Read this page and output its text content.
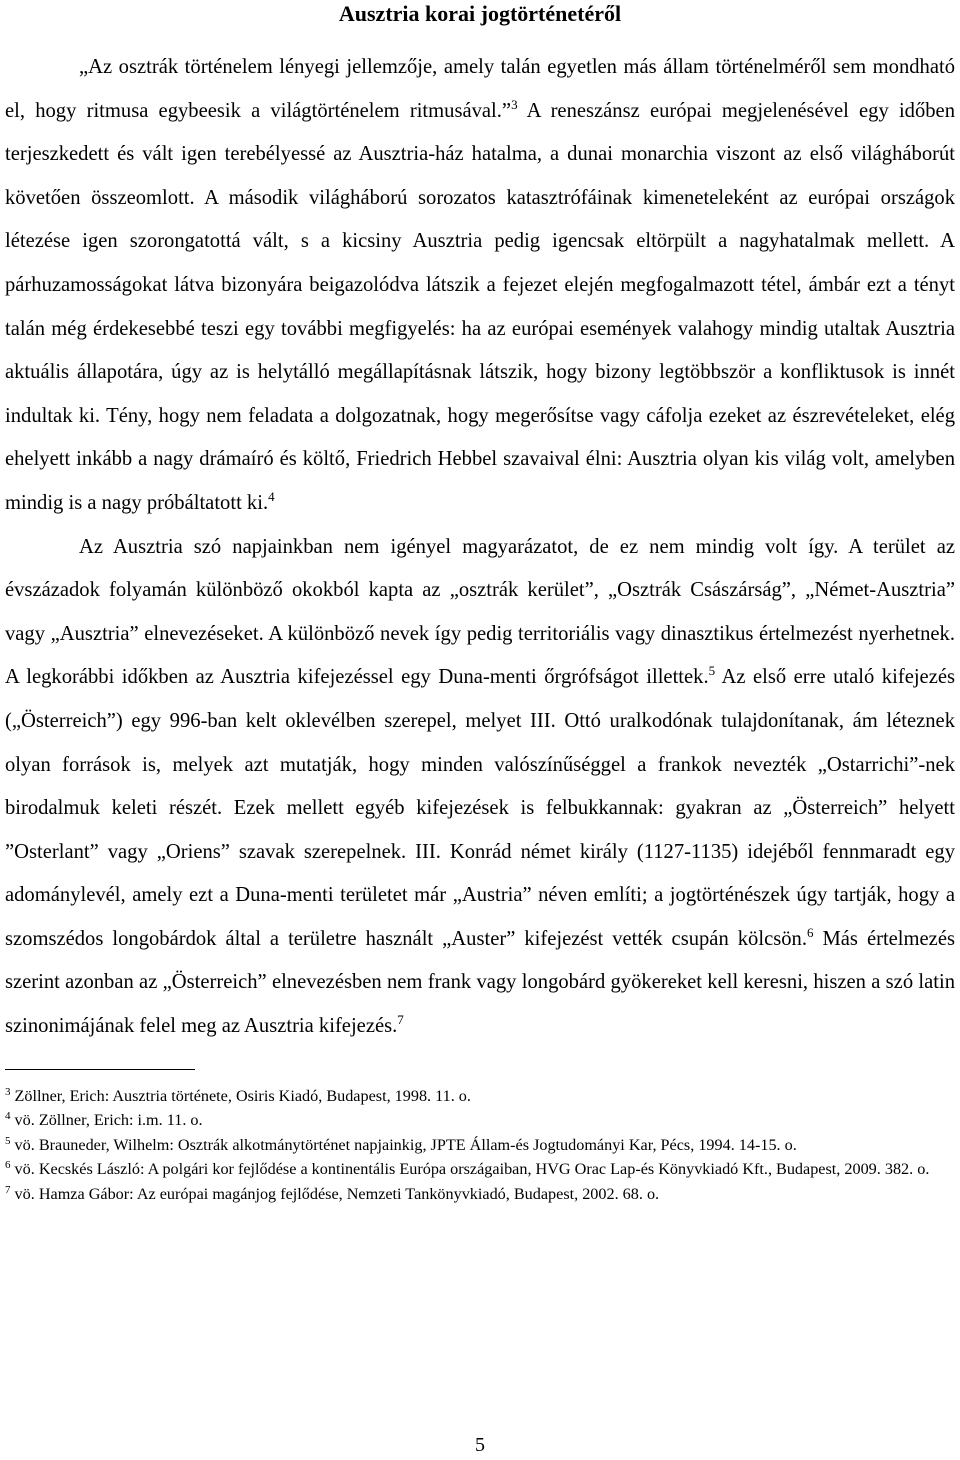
Ausztria korai jogtörténetéről

„Az osztrák történelem lényegi jellemzője, amely talán egyetlen más állam történelméről sem mondható el, hogy ritmusa egybeesik a világtörténelem ritmusával.”$^3$ A reneszánsz európai megjelenésével egy időben terjeszkedett és vált igen terebélyessé az Ausztria-ház hatalma, a dunai monarchia viszont az első világháborút követően összeomlott. A második világháború sorozatos katasztrófáinak kimeneteleként az európai országok létezése igen szorongatottá vált, s a kicsiny Ausztria pedig igencsak eltörpült a nagyhatalmak mellett. A párhuzamosságokat látva bizonyára beigazolódva látszik a fejezet elején megfogalmazott tétel, ámbár ezt a tényt talán még érdekesebbé teszi egy további megfigyelés: ha az európai események valahogy mindig utaltak Ausztria aktuális állapotára, úgy az is helytálló megállapításnak látszik, hogy bizony legtöbbször a konfliktusok is innét indultak ki. Tény, hogy nem feladata a dolgozatnak, hogy megerősítse vagy cáfolja ezeket az észrevételeket, elég ehelyett inkább a nagy drámaíró és költő, Friedrich Hebbel szavaival élni: Ausztria olyan kis világ volt, amelyben mindig is a nagy próbáltatott ki.$^4$

Az Ausztria szó napjainkban nem igényel magyarázatot, de ez nem mindig volt így. A terület az évszázadok folyamán különböző okokból kapta az „osztrák kerület”, „Osztrák Császárság”, „Német-Ausztria” vagy „Ausztria” elnevezéseket. A különböző nevek így pedig territoriális vagy dinasztikus értelmezést nyerhetnek. A legkorábbi időkben az Ausztria kifejezéssel egy Duna-menti őrgrófságot illettek.$^5$ Az első erre utaló kifejezés („Österreich”) egy 996-ban kelt oklevélben szerepel, melyet III. Ottó uralkodónak tulajdonítanak, ám léteznek olyan források is, melyek azt mutatják, hogy minden valószínűséggel a frankok nevezték „Ostarrichi”-nek birodalmuk keleti részét. Ezek mellett egyéb kifejezések is felbukkannak: gyakran az „Österreich” helyett ”Osterlant” vagy „Oriens” szavak szerepelnek. III. Konrád német király (1127-1135) idejéből fennmaradt egy adománylevél, amely ezt a Duna-menti területet már „Austria” néven említi; a jogtörténészek úgy tartják, hogy a szomszédos longobárdok által a területre használt „Auster” kifejezést vették csupán kölcsön.$^6$ Más értelmezés szerint azonban az „Österreich” elnevezésben nem frank vagy longobárd gyökereket kell keresni, hiszen a szó latin szinonimájának felel meg az Ausztria kifejezés.$^7$

$^3$ Zöllner, Erich: Ausztria története, Osiris Kiadó, Budapest, 1998. 11. o.

$^4$ vö. Zöllner, Erich: i.m. 11. o.

$^5$ vö. Brauneder, Wilhelm: Osztrák alkotmánytörténet napjainkig, JPTE Állam-és Jogtudományi Kar, Pécs, 1994. 14-15. o.

$^6$ vö. Kecskés László: A polgári kor fejlődése a kontinentális Európa országaiban, HVG Orac Lap-és Könyvkiadó Kft., Budapest, 2009. 382. o.

$^7$ vö. Hamza Gábor: Az európai magánjog fejlődése, Nemzeti Tankönyvkiadó, Budapest, 2002. 68. o.

5
